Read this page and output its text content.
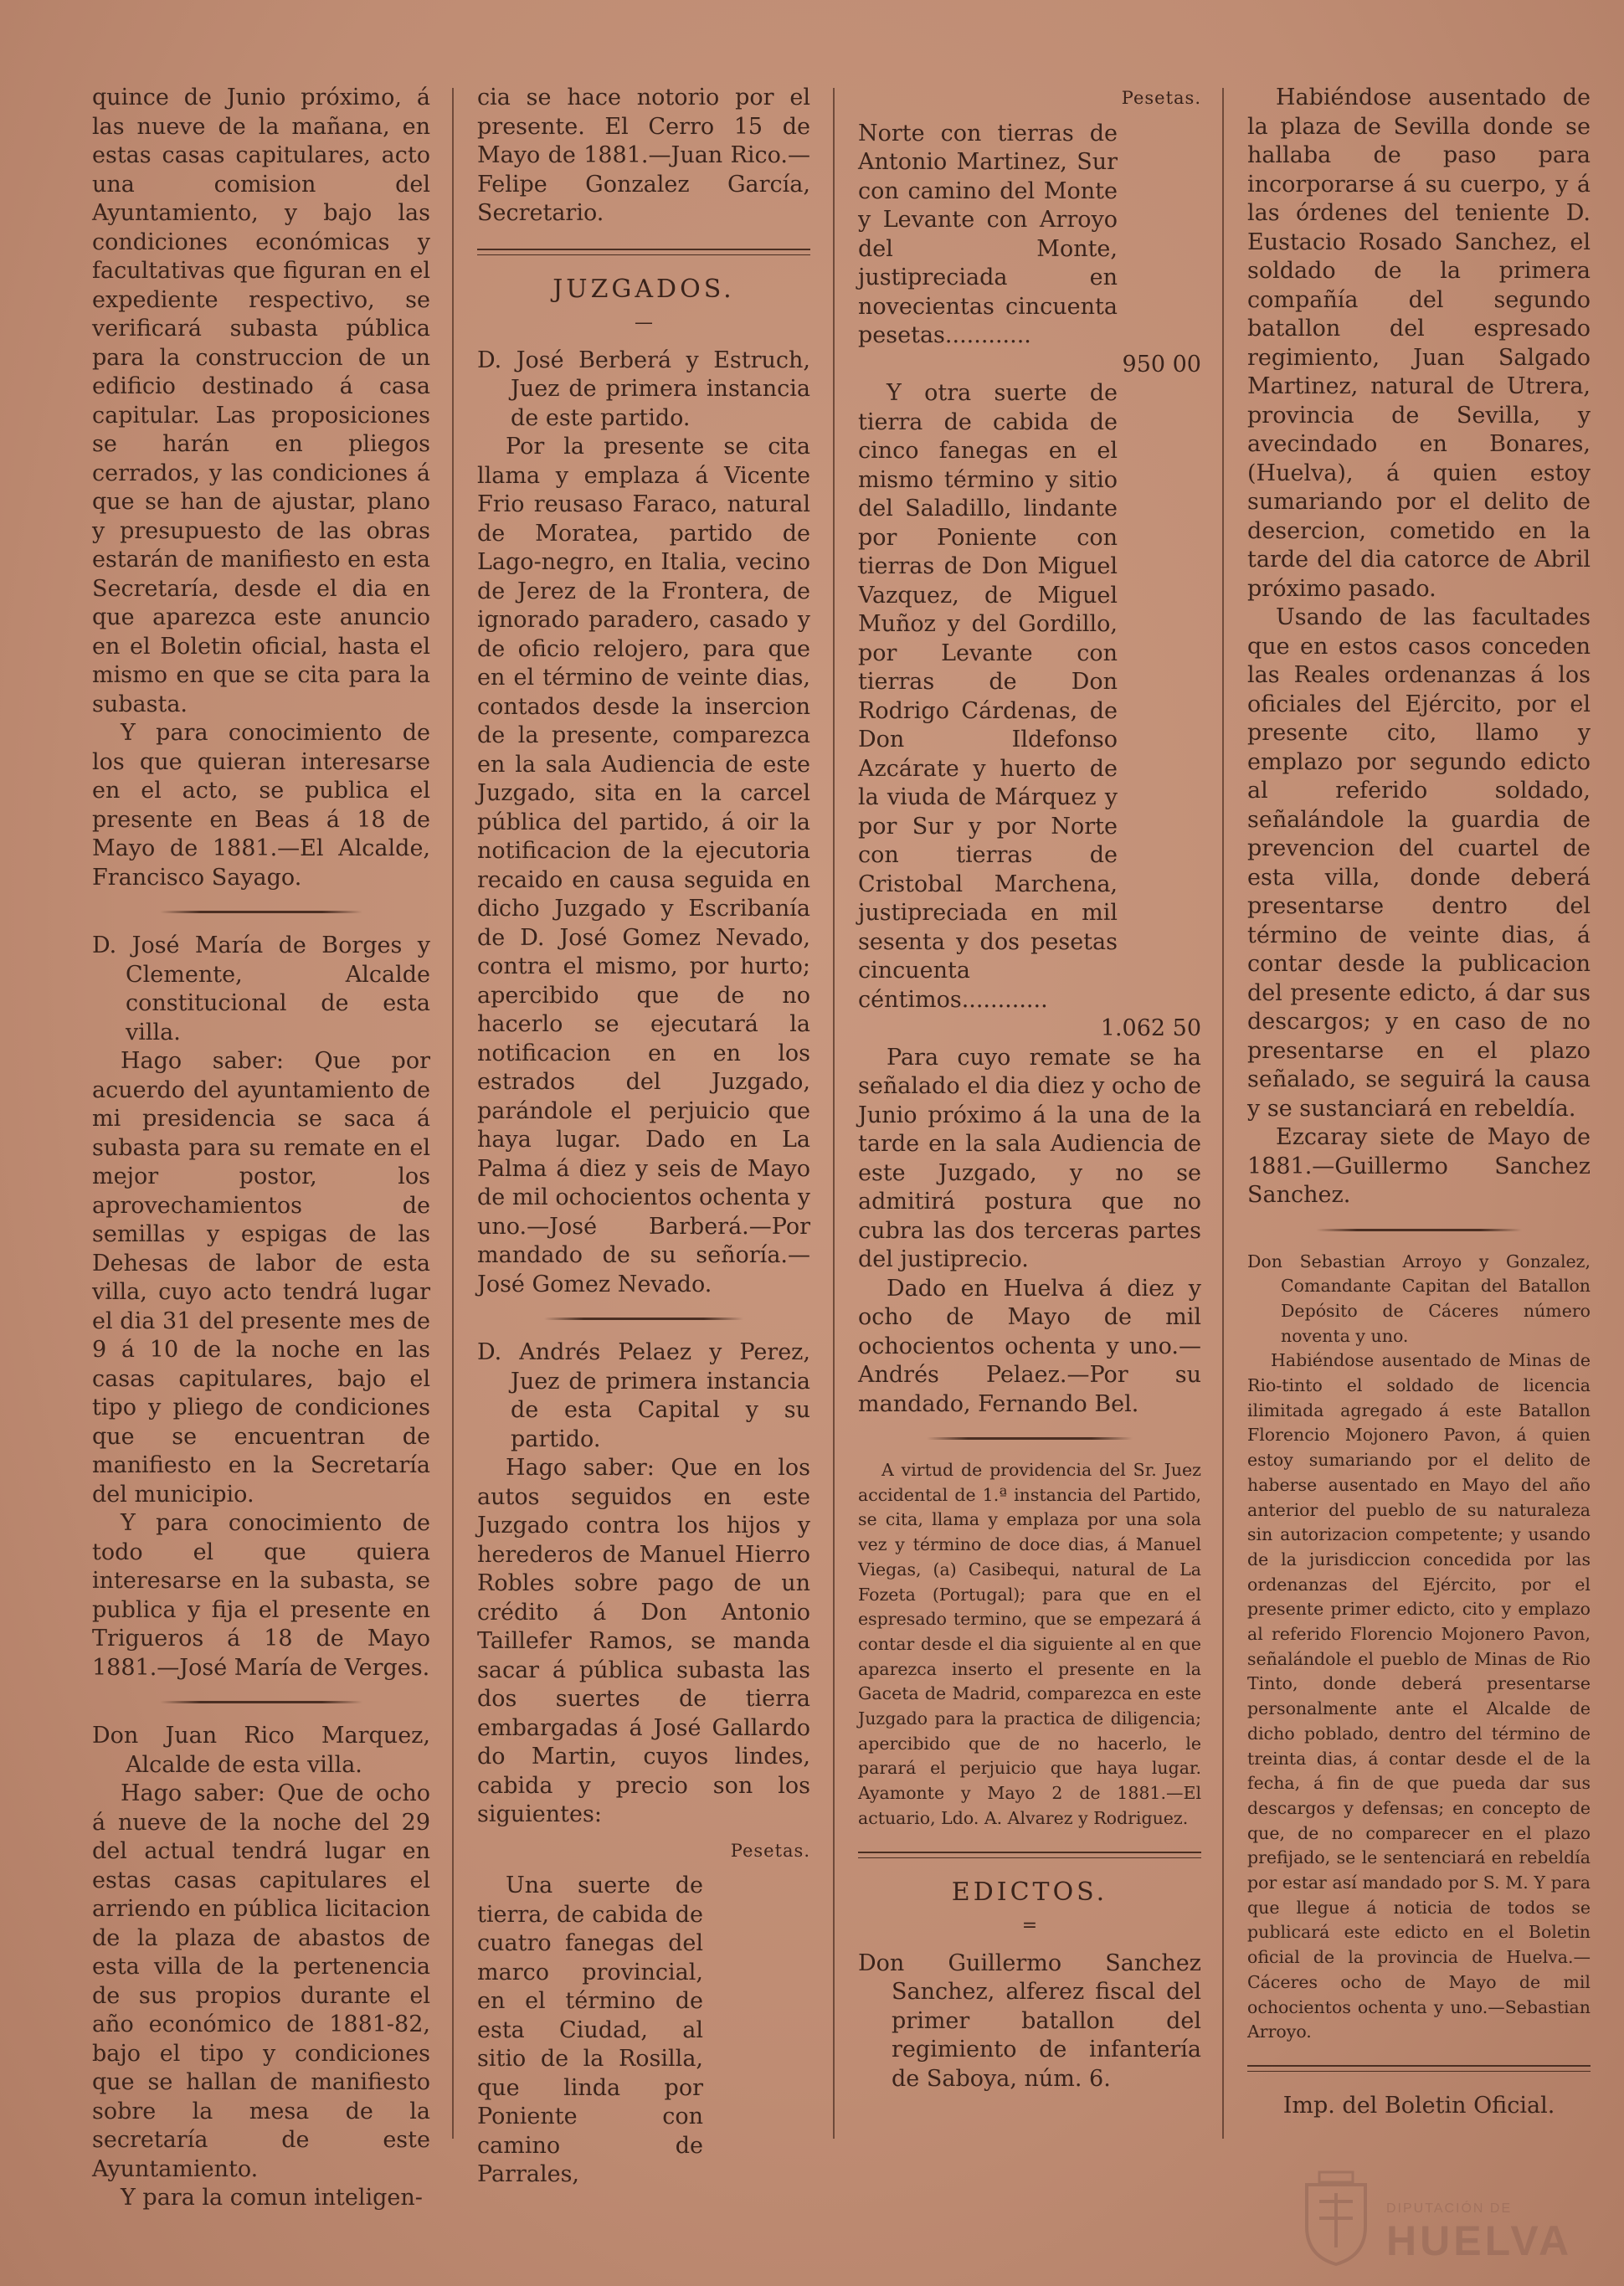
quince de Junio próximo, á las nueve de la mañana, en estas casas capitulares, acto una comision del Ayuntamiento, y bajo las condiciones económicas y facultativas que figuran en el expediente respectivo, se verificará subasta pública para la construccion de un edificio destinado á casa capitular. Las proposiciones se harán en pliegos cerrados, y las condiciones á que se han de ajustar, plano y presupuesto de las obras estarán de manifiesto en esta Secretaría, desde el dia en que aparezca este anuncio en el Boletin oficial, hasta el mismo en que se cita para la subasta.

Y para conocimiento de los que quieran interesarse en el acto, se publica el presente en Beas á 18 de Mayo de 1881.—El Alcalde, Francisco Sayago.

D. José María de Borges y Clemente, Alcalde constitucional de esta villa.

Hago saber: Que por acuerdo del ayuntamiento de mi presidencia se saca á subasta para su remate en el mejor postor, los aprovechamientos de semillas y espigas de las Dehesas de labor de esta villa, cuyo acto tendrá lugar el dia 31 del presente mes de 9 á 10 de la noche en las casas capitulares, bajo el tipo y pliego de condiciones que se encuentran de manifiesto en la Secretaría del municipio.

Y para conocimiento de todo el que quiera interesarse en la subasta, se publica y fija el presente en Trigueros á 18 de Mayo 1881.—José María de Verges.

Don Juan Rico Marquez, Alcalde de esta villa.

Hago saber: Que de ocho á nueve de la noche del 29 del actual tendrá lugar en estas casas capitulares el arriendo en pública licitacion de la plaza de abastos de esta villa de la pertenencia de sus propios durante el año económico de 1881-82, bajo el tipo y condiciones que se hallan de manifiesto sobre la mesa de la secretaría de este Ayuntamiento.

Y para la comun inteligen-

cia se hace notorio por el presente. El Cerro 15 de Mayo de 1881.—Juan Rico.—Felipe Gonzalez García, Secretario.

JUZGADOS.
—

D. José Berberá y Estruch, Juez de primera instancia de este partido.

Por la presente se cita llama y emplaza á Vicente Frio reusaso Faraco, natural de Moratea, partido de Lago-negro, en Italia, vecino de Jerez de la Frontera, de ignorado paradero, casado y de oficio relojero, para que en el término de veinte dias, contados desde la insercion de la presente, comparezca en la sala Audiencia de este Juzgado, sita en la carcel pública del partido, á oir la notificacion de la ejecutoria recaido en causa seguida en dicho Juzgado y Escribanía de D. José Gomez Nevado, contra el mismo, por hurto; apercibido que de no hacerlo se ejecutará la notificacion en en los estrados del Juzgado, parándole el perjuicio que haya lugar. Dado en La Palma á diez y seis de Mayo de mil ochocientos ochenta y uno.—José Barberá.—Por mandado de su señoría.—José Gomez Nevado.

D. Andrés Pelaez y Perez, Juez de primera instancia de esta Capital y su partido.

Hago saber: Que en los autos seguidos en este Juzgado contra los hijos y herederos de Manuel Hierro Robles sobre pago de un crédito á Don Antonio Taillefer Ramos, se manda sacar á pública subasta las dos suertes de tierra embargadas á José Gallardo do Martin, cuyos lindes, cabida y precio son los siguientes:

Pesetas.

Una suerte de tierra, de cabida de cuatro fanegas del marco provincial, en el término de esta Ciudad, al sitio de la Rosilla, que linda por Poniente con camino de Parrales,

Pesetas.

Norte con tierras de Antonio Martinez, Sur con camino del Monte y Levante con Arroyo del Monte, justipreciada en novecientas cincuenta pesetas............

950 00

Y otra suerte de tierra de cabida de cinco fanegas en el mismo término y sitio del Saladillo, lindante por Poniente con tierras de Don Miguel Vazquez, de Miguel Muñoz y del Gordillo, por Levante con tierras de Don Rodrigo Cárdenas, de Don Ildefonso Azcárate y huerto de la viuda de Márquez y por Sur y por Norte con tierras de Cristobal Marchena, justipreciada en mil sesenta y dos pesetas cincuenta céntimos............

1.062 50

Para cuyo remate se ha señalado el dia diez y ocho de Junio próximo á la una de la tarde en la sala Audiencia de este Juzgado, y no se admitirá postura que no cubra las dos terceras partes del justiprecio.

Dado en Huelva á diez y ocho de Mayo de mil ochocientos ochenta y uno.—Andrés Pelaez.—Por su mandado, Fernando Bel.

A virtud de providencia del Sr. Juez accidental de 1.ª instancia del Partido, se cita, llama y emplaza por una sola vez y término de doce dias, á Manuel Viegas, (a) Casibequi, natural de La Fozeta (Portugal); para que en el espresado termino, que se empezará á contar desde el dia siguiente al en que aparezca inserto el presente en la Gaceta de Madrid, comparezca en este Juzgado para la practica de diligencia; apercibido que de no hacerlo, le parará el perjuicio que haya lugar. Ayamonte y Mayo 2 de 1881.—El actuario, Ldo. A. Alvarez y Rodriguez.

EDICTOS.
=

Don Guillermo Sanchez Sanchez, alferez fiscal del primer batallon del regimiento de infantería de Saboya, núm. 6.

Habiéndose ausentado de la plaza de Sevilla donde se hallaba de paso para incorporarse á su cuerpo, y á las órdenes del teniente D. Eustacio Rosado Sanchez, el soldado de la primera compañía del segundo batallon del espresado regimiento, Juan Salgado Martinez, natural de Utrera, provincia de Sevilla, y avecindado en Bonares, (Huelva), á quien estoy sumariando por el delito de desercion, cometido en la tarde del dia catorce de Abril próximo pasado.

Usando de las facultades que en estos casos conceden las Reales ordenanzas á los oficiales del Ejército, por el presente cito, llamo y emplazo por segundo edicto al referido soldado, señalándole la guardia de prevencion del cuartel de esta villa, donde deberá presentarse dentro del término de veinte dias, á contar desde la publicacion del presente edicto, á dar sus descargos; y en caso de no presentarse en el plazo señalado, se seguirá la causa y se sustanciará en rebeldía.

Ezcaray siete de Mayo de 1881.—Guillermo Sanchez Sanchez.

Don Sebastian Arroyo y Gonzalez, Comandante Capitan del Batallon Depósito de Cáceres número noventa y uno.

Habiéndose ausentado de Minas de Rio-tinto el soldado de licencia ilimitada agregado á este Batallon Florencio Mojonero Pavon, á quien estoy sumariando por el delito de haberse ausentado en Mayo del año anterior del pueblo de su naturaleza sin autorizacion competente; y usando de la jurisdiccion concedida por las ordenanzas del Ejército, por el presente primer edicto, cito y emplazo al referido Florencio Mojonero Pavon, señalándole el pueblo de Minas de Rio Tinto, donde deberá presentarse personalmente ante el Alcalde de dicho poblado, dentro del término de treinta dias, á contar desde el de la fecha, á fin de que pueda dar sus descargos y defensas; en concepto de que, de no comparecer en el plazo prefijado, se le sentenciará en rebeldía por estar así mandado por S. M. Y para que llegue á noticia de todos se publicará este edicto en el Boletin oficial de la provincia de Huelva.—Cáceres ocho de Mayo de mil ochocientos ochenta y uno.—Sebastian Arroyo.

Imp. del Boletin Oficial.
DIPUTACIÓN DE
HUELVA
